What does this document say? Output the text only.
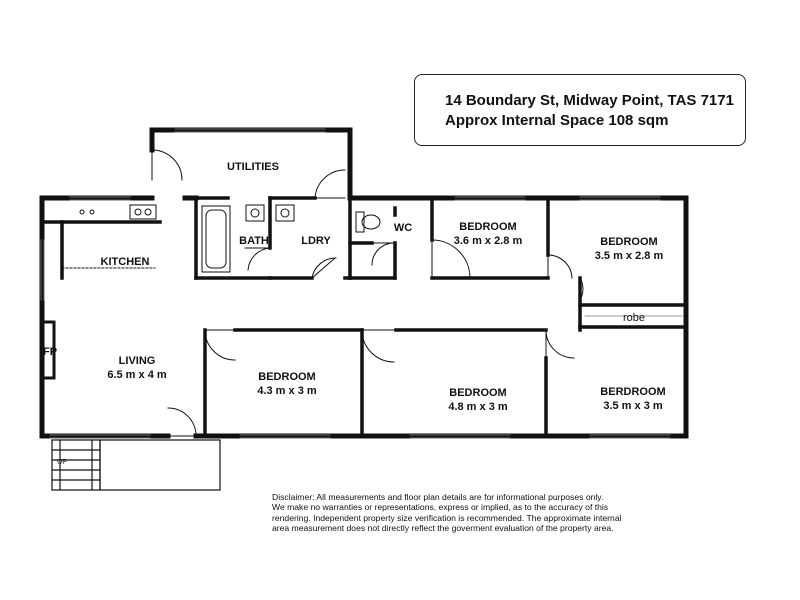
14 Boundary St, Midway Point, TAS 7171
Approx Internal Space 108 sqm
UTILITIES
KITCHEN
BATH	LDRY
WC	BEDROOM
3.6 m x 2.8 m	BEDROOM
3.5 m x 2.8 m
robe
FP
LIVING
6.5 m x 4 m	BEDROOM
4.3 m x 3 m	BEDROOM
4.8 m x 3 m
BERDROOM
3.5 m x 3 m
UP
Disclaimer: All measurements and floor plan details are for informational purposes only.
We make no warranties or representations, express or implied, as to the accuracy of this
rendering. Independent property size verification is recommended. The approximate internal
area measurement does not directly reflect the goverment evaluation of the property area.
